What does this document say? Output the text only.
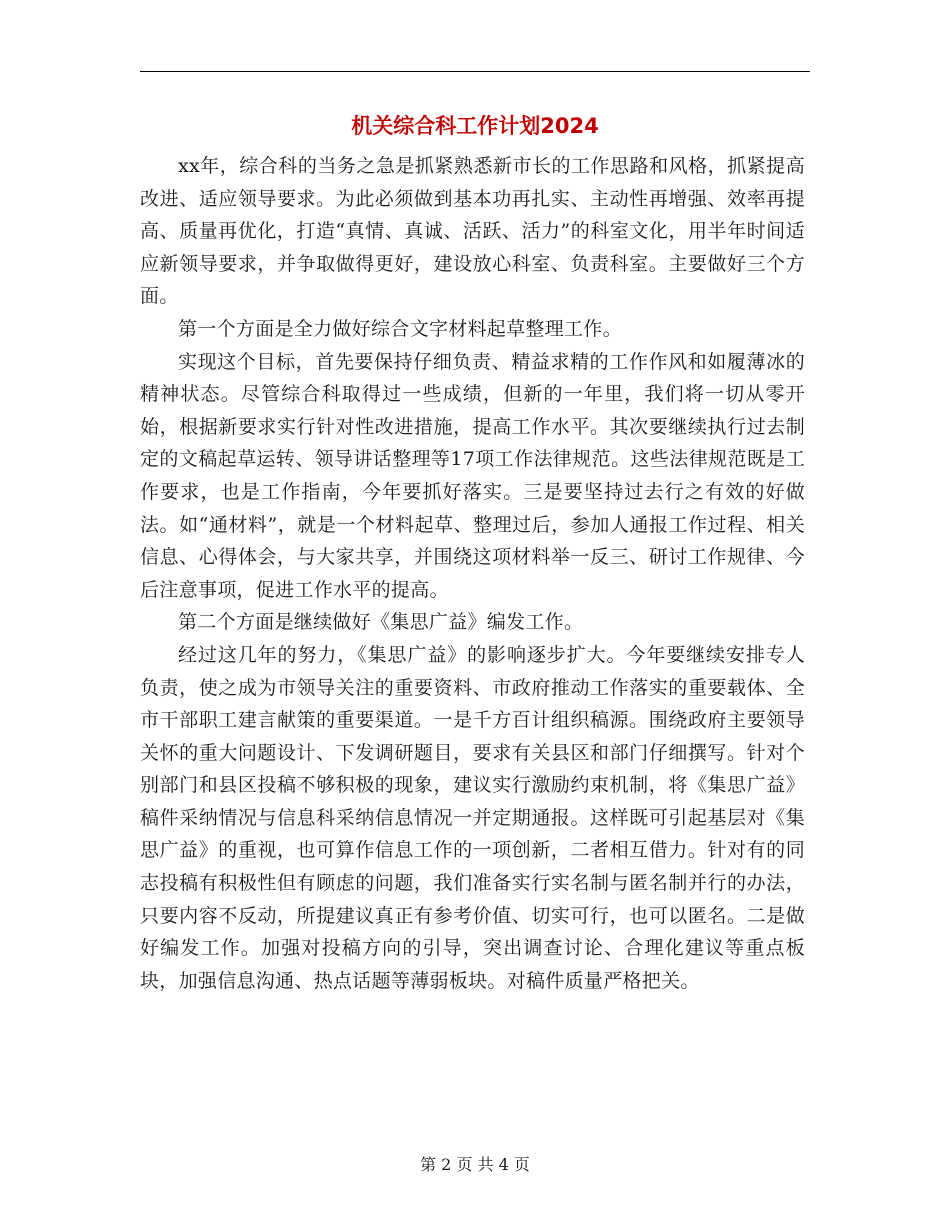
机关综合科工作计划2024

xx年，综合科的当务之急是抓紧熟悉新市长的工作思路和风格，抓紧提高改进、适应领导要求。为此必须做到基本功再扎实、主动性再增强、效率再提高、质量再优化，打造“真情、真诚、活跃、活力”的科室文化，用半年时间适应新领导要求，并争取做得更好，建设放心科室、负责科室。主要做好三个方面。

第一个方面是全力做好综合文字材料起草整理工作。

实现这个目标，首先要保持仔细负责、精益求精的工作作风和如履薄冰的精神状态。尽管综合科取得过一些成绩，但新的一年里，我们将一切从零开始，根据新要求实行针对性改进措施，提高工作水平。其次要继续执行过去制定的文稿起草运转、领导讲话整理等17项工作法律规范。这些法律规范既是工作要求，也是工作指南，今年要抓好落实。三是要坚持过去行之有效的好做法。如“通材料”，就是一个材料起草、整理过后，参加人通报工作过程、相关信息、心得体会，与大家共享，并围绕这项材料举一反三、研讨工作规律、今后注意事项，促进工作水平的提高。

第二个方面是继续做好《集思广益》编发工作。

经过这几年的努力，《集思广益》的影响逐步扩大。今年要继续安排专人负责，使之成为市领导关注的重要资料、市政府推动工作落实的重要载体、全市干部职工建言献策的重要渠道。一是千方百计组织稿源。围绕政府主要领导关怀的重大问题设计、下发调研题目，要求有关县区和部门仔细撰写。针对个别部门和县区投稿不够积极的现象，建议实行激励约束机制，将《集思广益》稿件采纳情况与信息科采纳信息情况一并定期通报。这样既可引起基层对《集思广益》的重视，也可算作信息工作的一项创新，二者相互借力。针对有的同志投稿有积极性但有顾虑的问题，我们准备实行实名制与匿名制并行的办法，只要内容不反动，所提建议真正有参考价值、切实可行，也可以匿名。二是做好编发工作。加强对投稿方向的引导，突出调查讨论、合理化建议等重点板块，加强信息沟通、热点话题等薄弱板块。对稿件质量严格把关。

第 2 页 共 4 页
